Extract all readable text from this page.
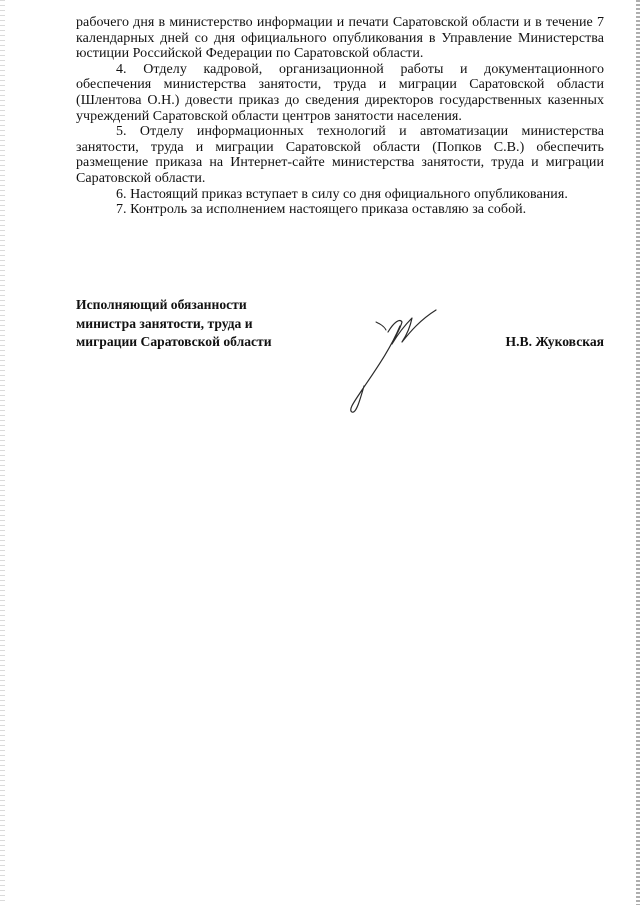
рабочего дня в министерство информации и печати Саратовской области и в течение 7 календарных дней со дня официального опубликования в Управление Министерства юстиции Российской Федерации по Саратовской области.

4. Отделу кадровой, организационной работы и документационного обеспечения министерства занятости, труда и миграции Саратовской области (Шлентова О.Н.) довести приказ до сведения директоров государственных казенных учреждений Саратовской области центров занятости населения.

5. Отделу информационных технологий и автоматизации министерства занятости, труда и миграции Саратовской области (Попков С.В.) обеспечить размещение приказа на Интернет-сайте министерства занятости, труда и миграции Саратовской области.

6. Настоящий приказ вступает в силу со дня официального опубликования.

7. Контроль за исполнением настоящего приказа оставляю за собой.

Исполняющий обязанности
министра занятости, труда и
миграции Саратовской области	Н.В. Жуковская
